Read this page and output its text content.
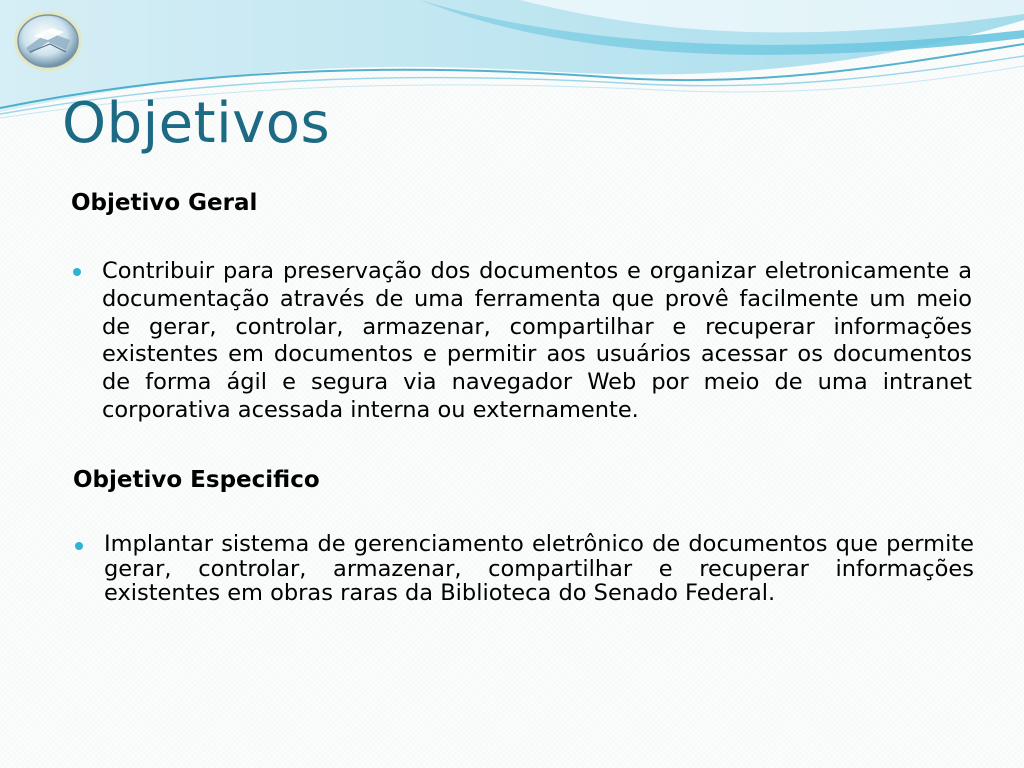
Objetivos
Objetivo Geral

Contribuir para preservação dos documentos e organizar eletronicamente a documentação através de uma ferramenta que provê facilmente um meio de gerar, controlar, armazenar, compartilhar e recuperar informações existentes em documentos e permitir aos usuários acessar os documentos de forma ágil e segura via navegador Web por meio de uma intranet corporativa acessada interna ou externamente.

Objetivo Especifico

Implantar sistema de gerenciamento eletrônico de documentos que permite gerar, controlar, armazenar, compartilhar e recuperar informações existentes em obras raras da Biblioteca do Senado Federal.
